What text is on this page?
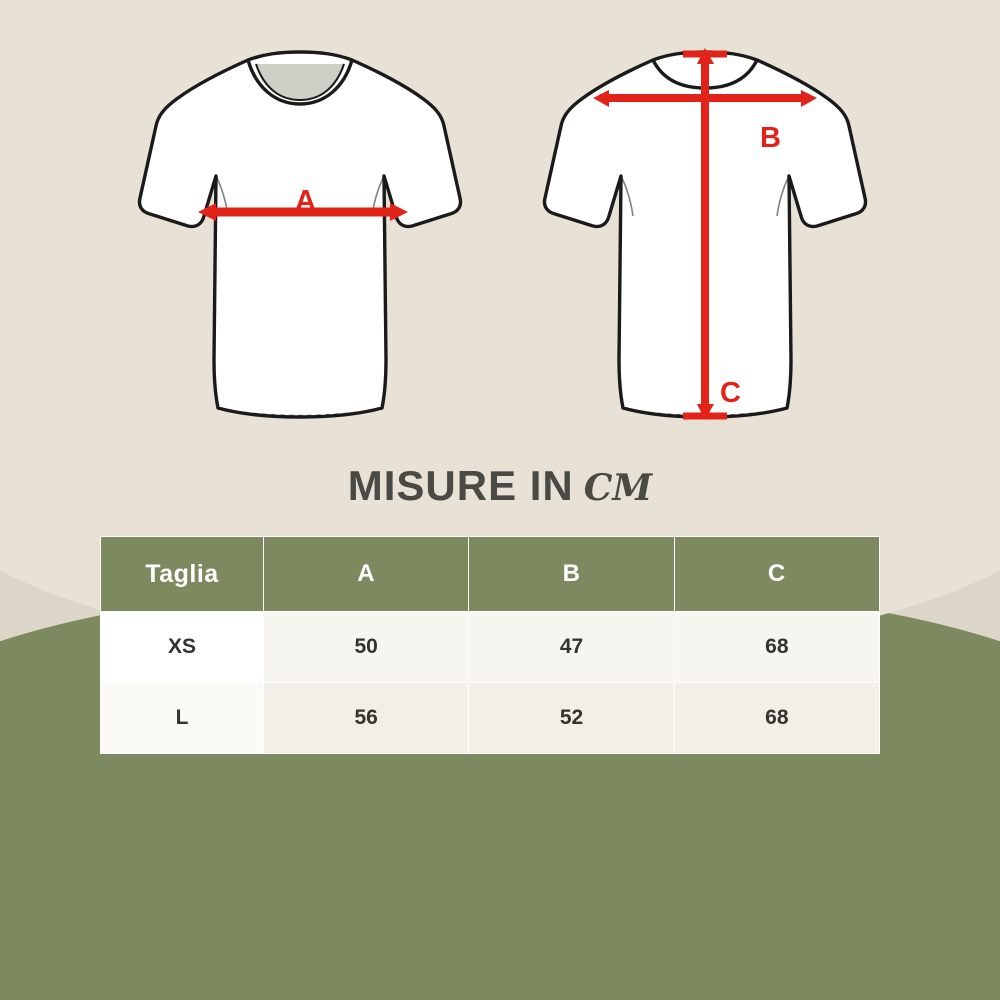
A
B
C
MISURE IN CM
Taglia	A	B	C
XS	50	47	68
L	56	52	68
